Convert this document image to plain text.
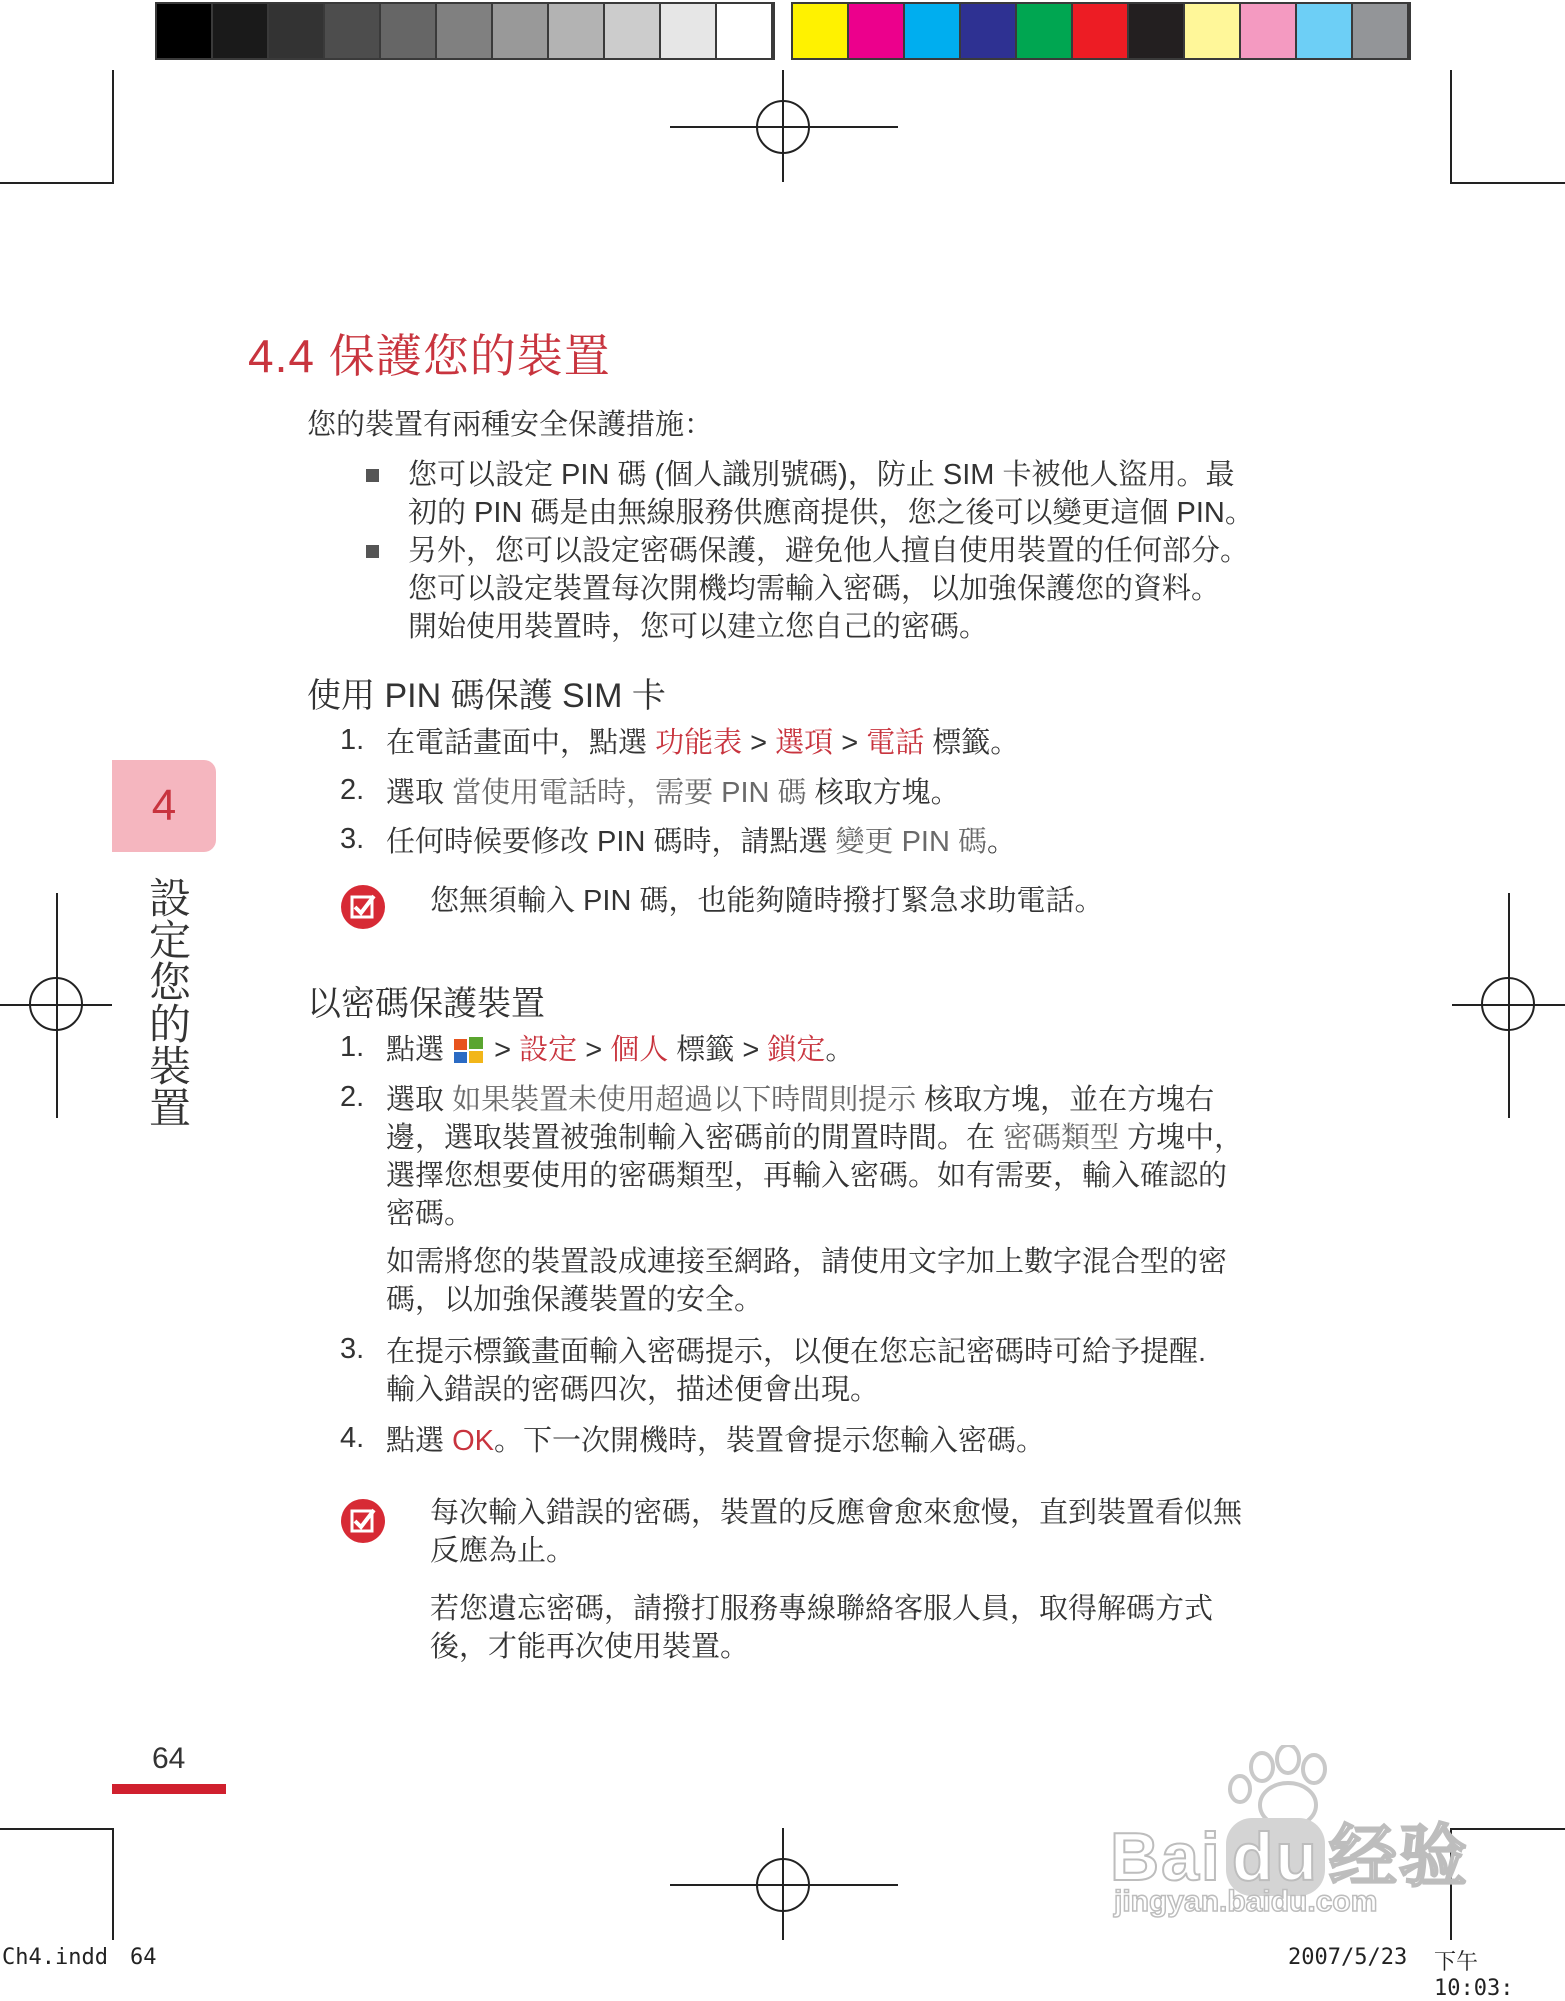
4.4 保護您的裝置
您的裝置有兩種安全保護措施：
您可以設定 PIN 碼 (個人識別號碼)，防止 SIM 卡被他人盜用。最
初的 PIN 碼是由無線服務供應商提供，您之後可以變更這個 PIN。
另外，您可以設定密碼保護，避免他人擅自使用裝置的任何部分。
您可以設定裝置每次開機均需輸入密碼，以加強保護您的資料。
開始使用裝置時，您可以建立您自己的密碼。
使用 PIN 碼保護 SIM 卡
1. 在電話畫面中，點選 功能表 > 選項 > 電話 標籤。
2. 選取 當使用電話時，需要 PIN 碼 核取方塊。
3. 任何時候要修改 PIN 碼時，請點選 變更 PIN 碼。
您無須輸入 PIN 碼，也能夠隨時撥打緊急求助電話。
以密碼保護裝置
1. 點選  > 設定 > 個人 標籤 > 鎖定。
2. 選取 如果裝置未使用超過以下時間則提示 核取方塊，並在方塊右
邊，選取裝置被強制輸入密碼前的閒置時間。在 密碼類型 方塊中，
選擇您想要使用的密碼類型，再輸入密碼。如有需要，輸入確認的
密碼。
如需將您的裝置設成連接至網路，請使用文字加上數字混合型的密
碼，以加強保護裝置的安全。
3. 在提示標籤畫面輸入密碼提示，以便在您忘記密碼時可給予提醒.
輸入錯誤的密碼四次，描述便會出現。
4. 點選 OK。下一次開機時，裝置會提示您輸入密碼。
每次輸入錯誤的密碼，裝置的反應會愈來愈慢，直到裝置看似無
反應為止。
若您遺忘密碼，請撥打服務專線聯絡客服人員，取得解碼方式
後，才能再次使用裝置。
4
設定您的裝置
64
Ch4.indd 64	2007/5/23 下午 10:03:
Bai du 经验
jingyan.baidu.com
